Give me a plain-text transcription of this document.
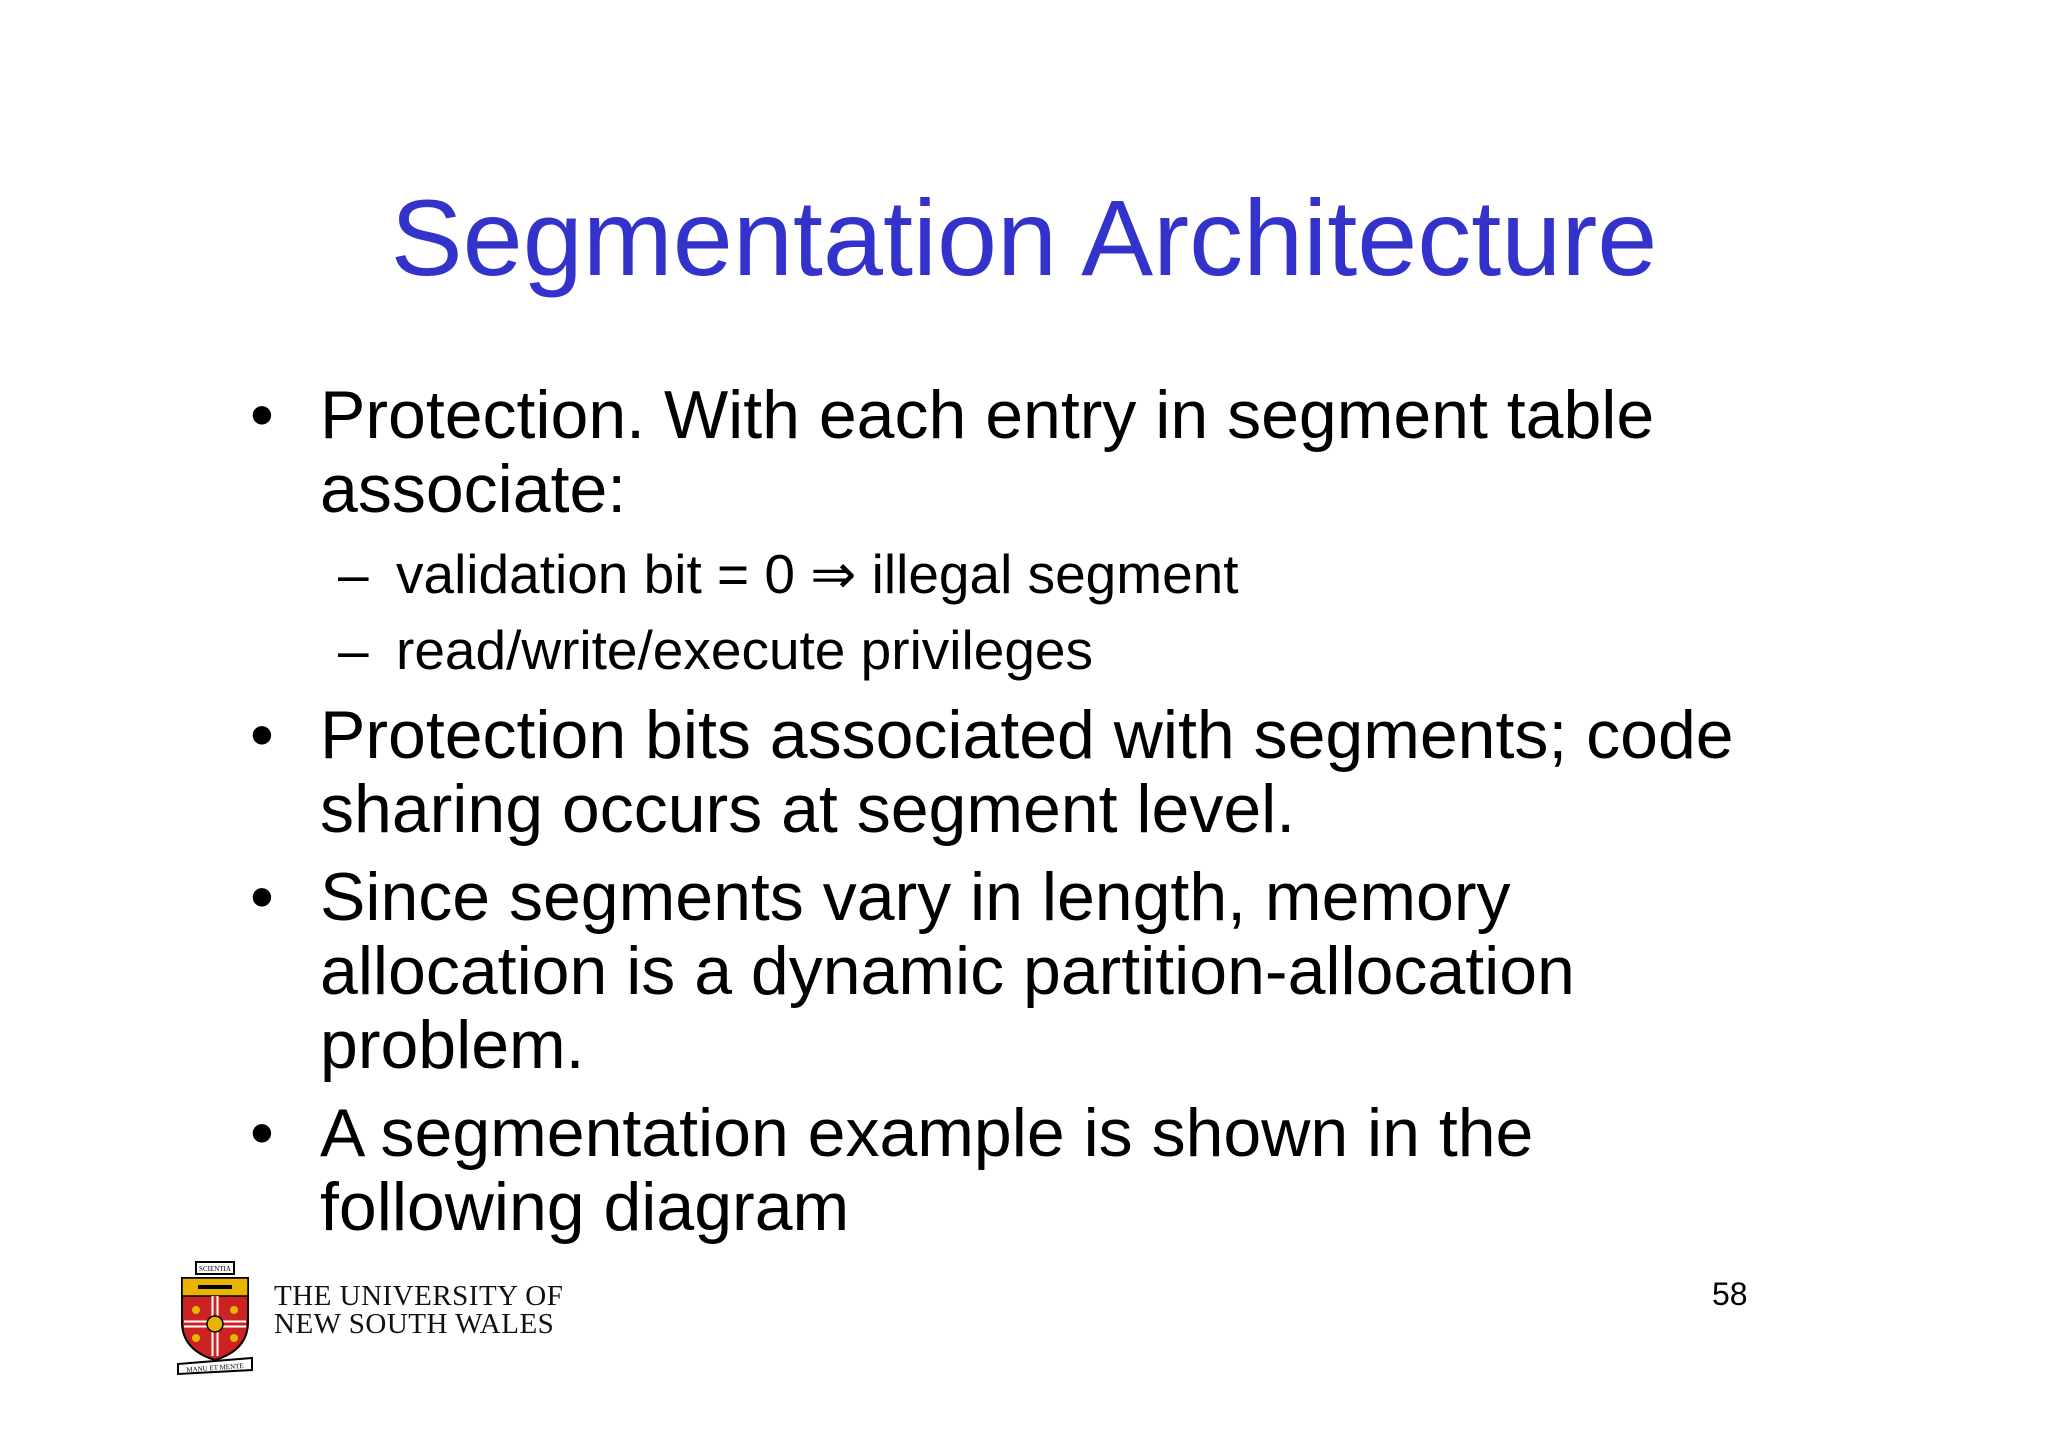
Segmentation Architecture
• Protection. With each entry in segment table
associate:
– validation bit = 0 ⇒ illegal segment
– read/write/execute privileges
• Protection bits associated with segments; code
sharing occurs at segment level.
• Since segments vary in length, memory
allocation is a dynamic partition-allocation
problem.
• A segmentation example is shown in the
following diagram
SCIENTIA
MANU ET MENTE
THE UNIVERSITY OF
NEW SOUTH WALES
58
